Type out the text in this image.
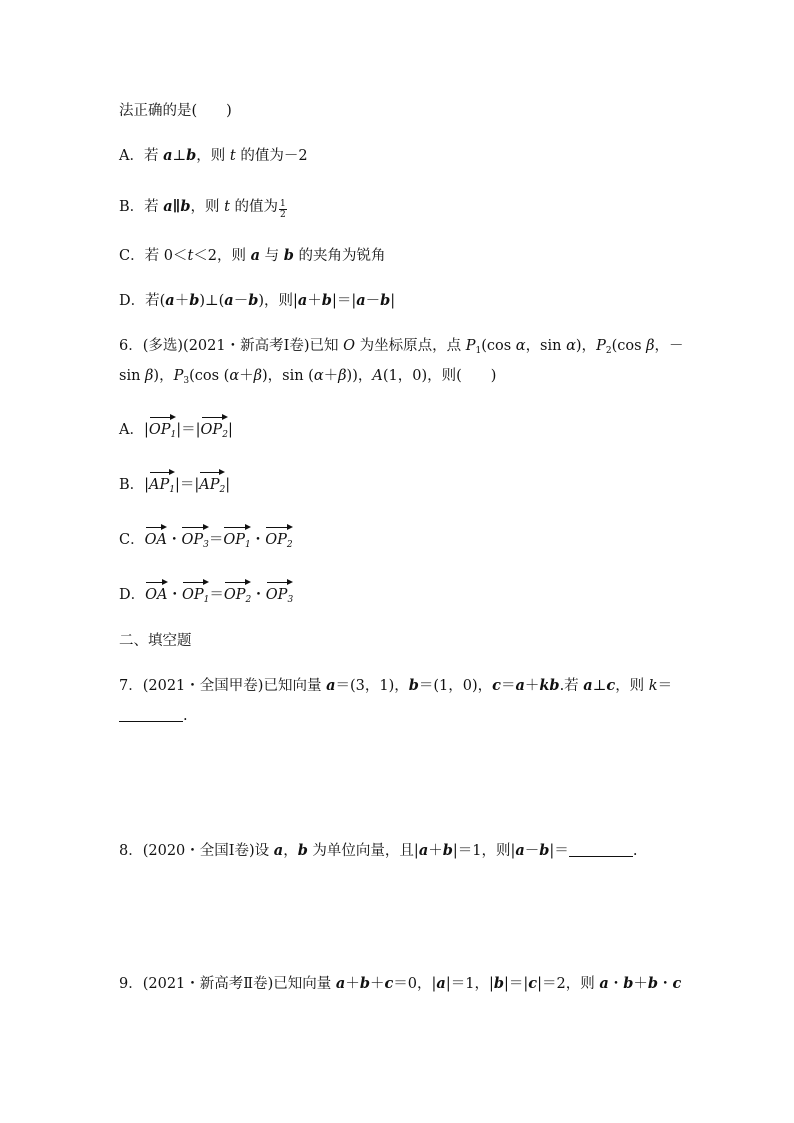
法正确的是(　　)
A．若 a⊥b，则 t 的值为－2
B．若 a∥b，则 t 的值为 $\frac{1}{2}$
C．若 0＜t＜2，则 a 与 b 的夹角为锐角
D．若(a＋b)⊥(a－b)，则|a＋b|＝|a－b|
6．(多选)(2021・新高考Ⅰ卷)已知 O 为坐标原点，点 $P_1(\cos$ α，sin α)，$P_2(\cos$ β，－
sin β)，$P_3(\cos$ (α＋β)，sin (α＋β))，A(1，0)，则(　　)
A．$|OP_1|=|OP_2|$
B．$|AP_1|=|AP_2|$
C．OA・$OP_3=OP_1$・$OP_2$
D．OA・$OP_1=OP_2$・$OP_3$
二、填空题
7．(2021・全国甲卷)已知向量 a＝(3，1)，b＝(1，0)，c＝a＋kb.若 a⊥c，则 k＝
.
8．(2020・全国Ⅰ卷)设 a，b 为单位向量，且|a＋b|＝1，则|a－b|＝	.
9．(2021・新高考Ⅱ卷)已知向量 a＋b＋c＝0，|a|＝1，|b|＝|c|＝2，则 a・b＋b・c
